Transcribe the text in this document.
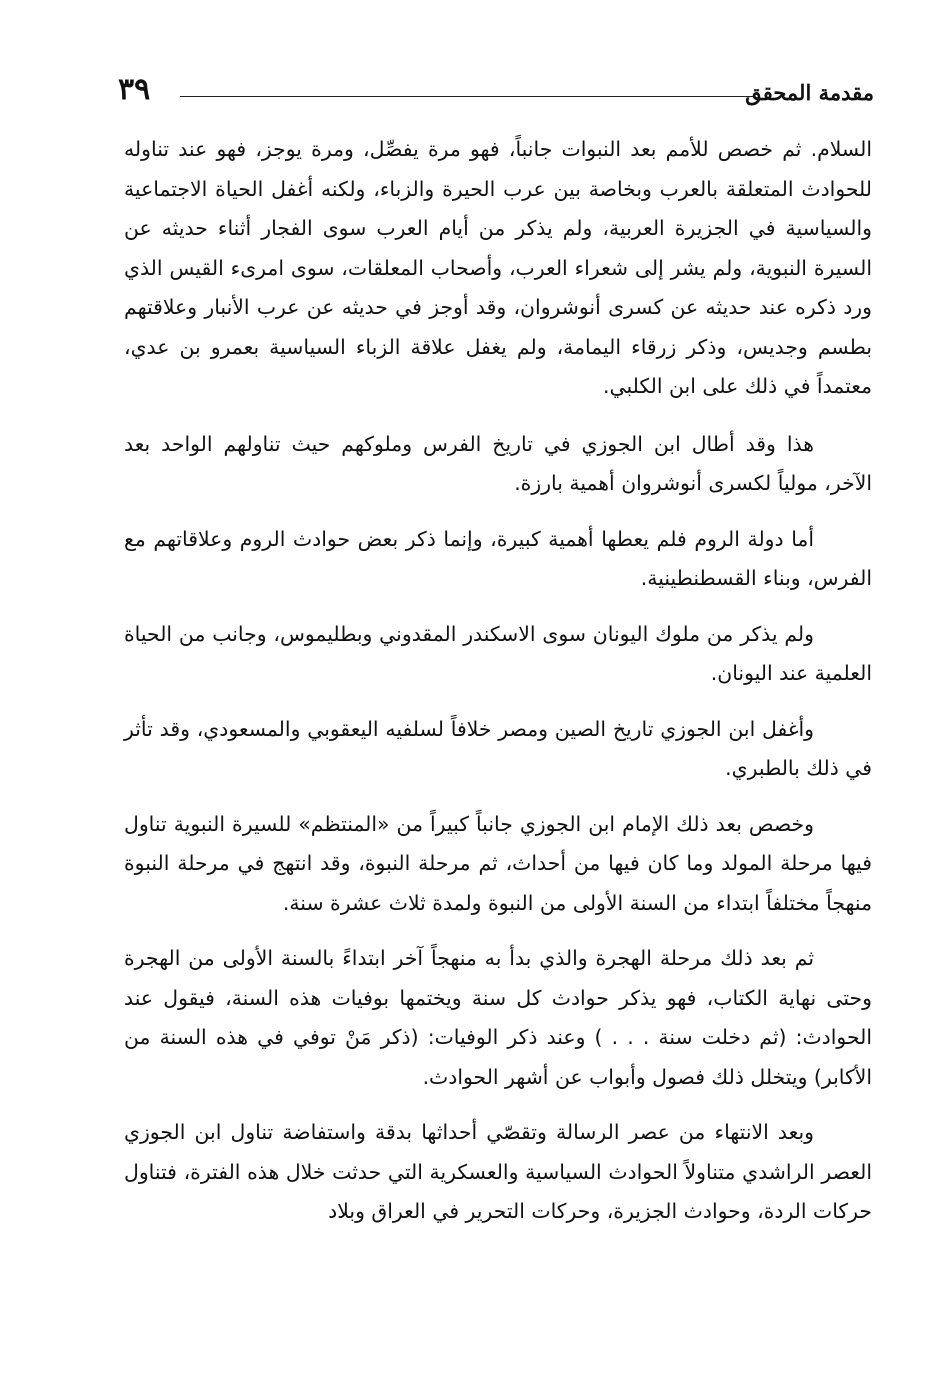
مقدمة المحقق
٣٩

السلام. ثم خصص للأمم بعد النبوات جانباً، فهو مرة يفصِّل، ومرة يوجز، فهو عند تناوله للحوادث المتعلقة بالعرب وبخاصة بين عرب الحيرة والزباء، ولكنه أغفل الحياة الاجتماعية والسياسية في الجزيرة العربية، ولم يذكر من أيام العرب سوى الفجار أثناء حديثه عن السيرة النبوية، ولم يشر إلى شعراء العرب، وأصحاب المعلقات، سوى امرىء القيس الذي ورد ذكره عند حديثه عن كسرى أنوشروان، وقد أوجز في حديثه عن عرب الأنبار وعلاقتهم بطسم وجديس، وذكر زرقاء اليمامة، ولم يغفل علاقة الزباء السياسية بعمرو بن عدي، معتمداً في ذلك على ابن الكلبي.

هذا وقد أطال ابن الجوزي في تاريخ الفرس وملوكهم حيث تناولهم الواحد بعد الآخر، مولياً لكسرى أنوشروان أهمية بارزة.

أما دولة الروم فلم يعطها أهمية كبيرة، وإنما ذكر بعض حوادث الروم وعلاقاتهم مع الفرس، وبناء القسطنطينية.

ولم يذكر من ملوك اليونان سوى الاسكندر المقدوني وبطليموس، وجانب من الحياة العلمية عند اليونان.

وأغفل ابن الجوزي تاريخ الصين ومصر خلافاً لسلفيه اليعقوبي والمسعودي، وقد تأثر في ذلك بالطبري.

وخصص بعد ذلك الإمام ابن الجوزي جانباً كبيراً من «المنتظم» للسيرة النبوية تناول فيها مرحلة المولد وما كان فيها من أحداث، ثم مرحلة النبوة، وقد انتهج في مرحلة النبوة منهجاً مختلفاً ابتداء من السنة الأولى من النبوة ولمدة ثلاث عشرة سنة.

ثم بعد ذلك مرحلة الهجرة والذي بدأ به منهجاً آخر ابتداءً بالسنة الأولى من الهجرة وحتى نهاية الكتاب، فهو يذكر حوادث كل سنة ويختمها بوفيات هذه السنة، فيقول عند الحوادث: (ثم دخلت سنة . . . ) وعند ذكر الوفيات: (ذكر مَنْ توفي في هذه السنة من الأكابر) ويتخلل ذلك فصول وأبواب عن أشهر الحوادث.

وبعد الانتهاء من عصر الرسالة وتقصّي أحداثها بدقة واستفاضة تناول ابن الجوزي العصر الراشدي متناولاً الحوادث السياسية والعسكرية التي حدثت خلال هذه الفترة، فتناول حركات الردة، وحوادث الجزيرة، وحركات التحرير في العراق وبلاد
